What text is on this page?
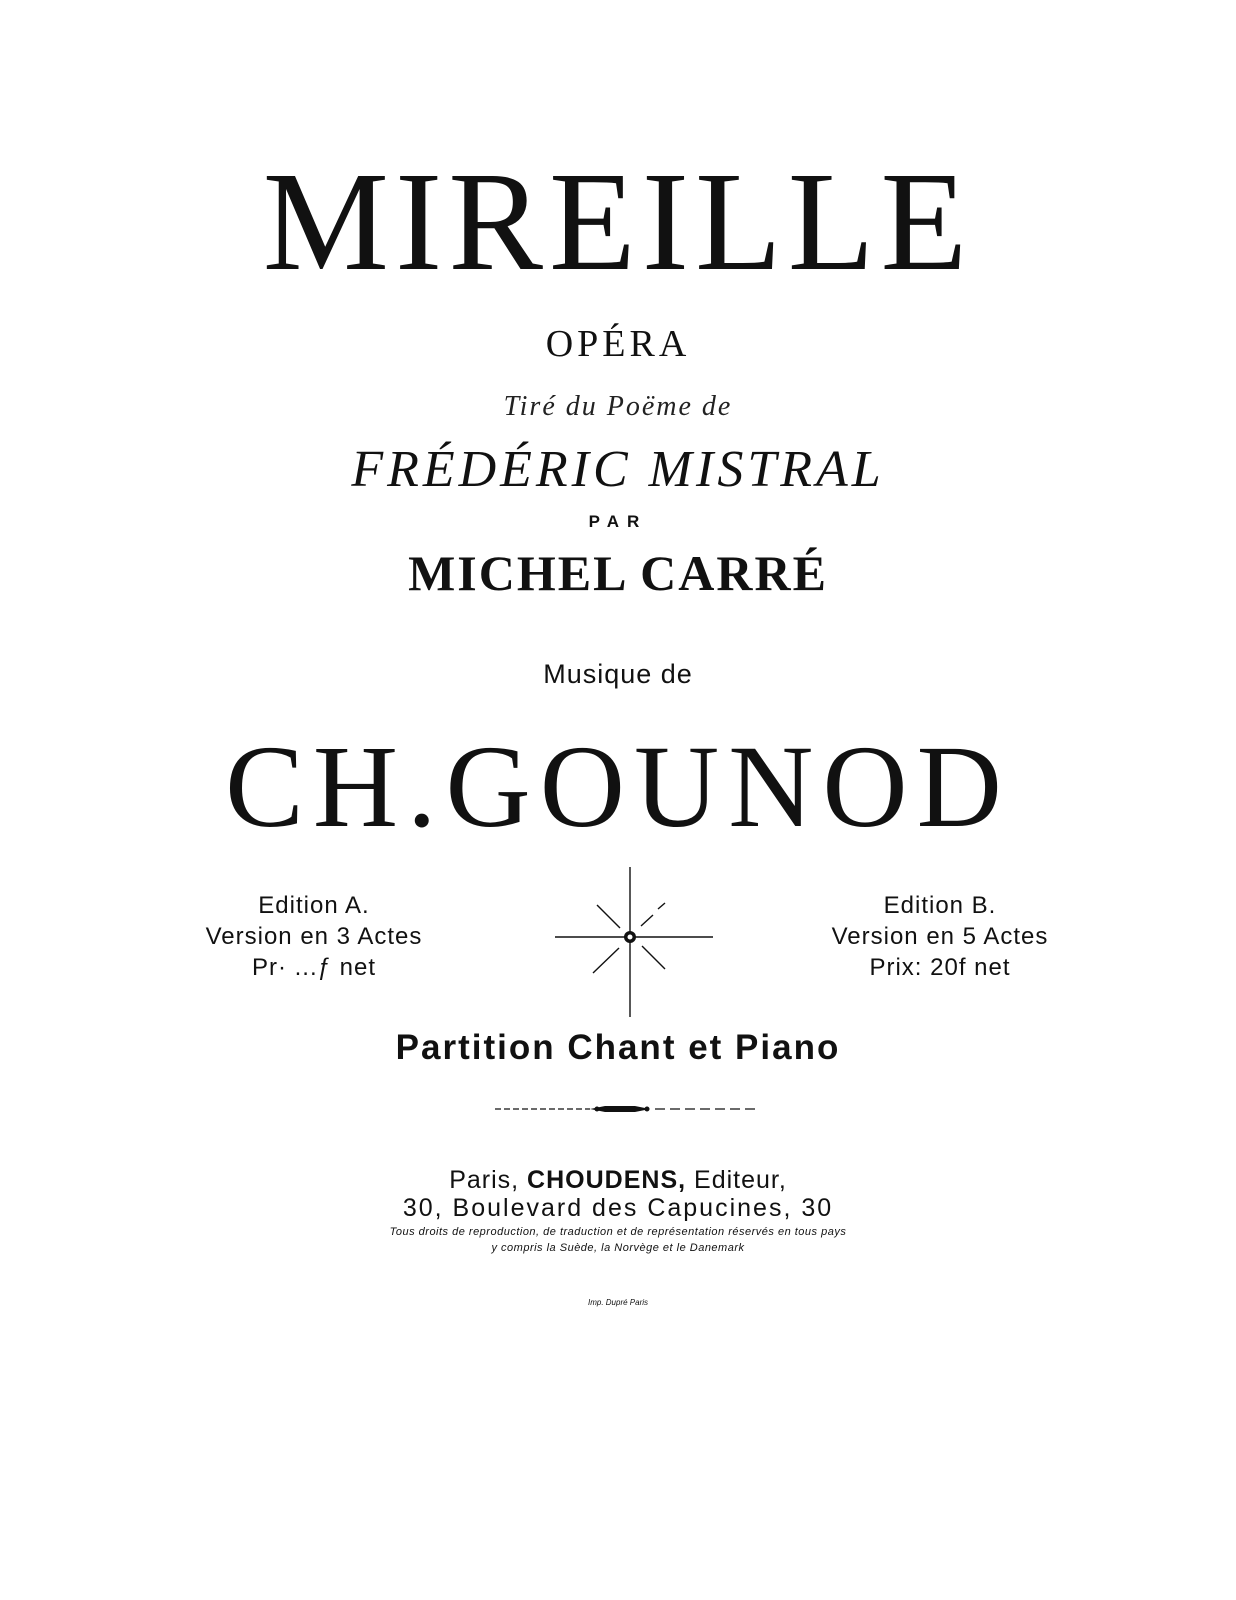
MIREILLE
OPÉRA
Tiré du Poëme de
FRÉDÉRIC MISTRAL
PAR
MICHEL CARRÉ
Musique de
CH.GOUNOD
Edition A.
Version en 3 Actes
Pr· ...ƒ net
Edition B.
Version en 5 Actes
Prix: 20f net
Partition Chant et Piano
Paris, CHOUDENS, Editeur,
30, Boulevard des Capucines, 30
Tous droits de reproduction, de traduction et de représentation réservés en tous pays
y compris la Suède, la Norvège et le Danemark
Imp. Dupré Paris
